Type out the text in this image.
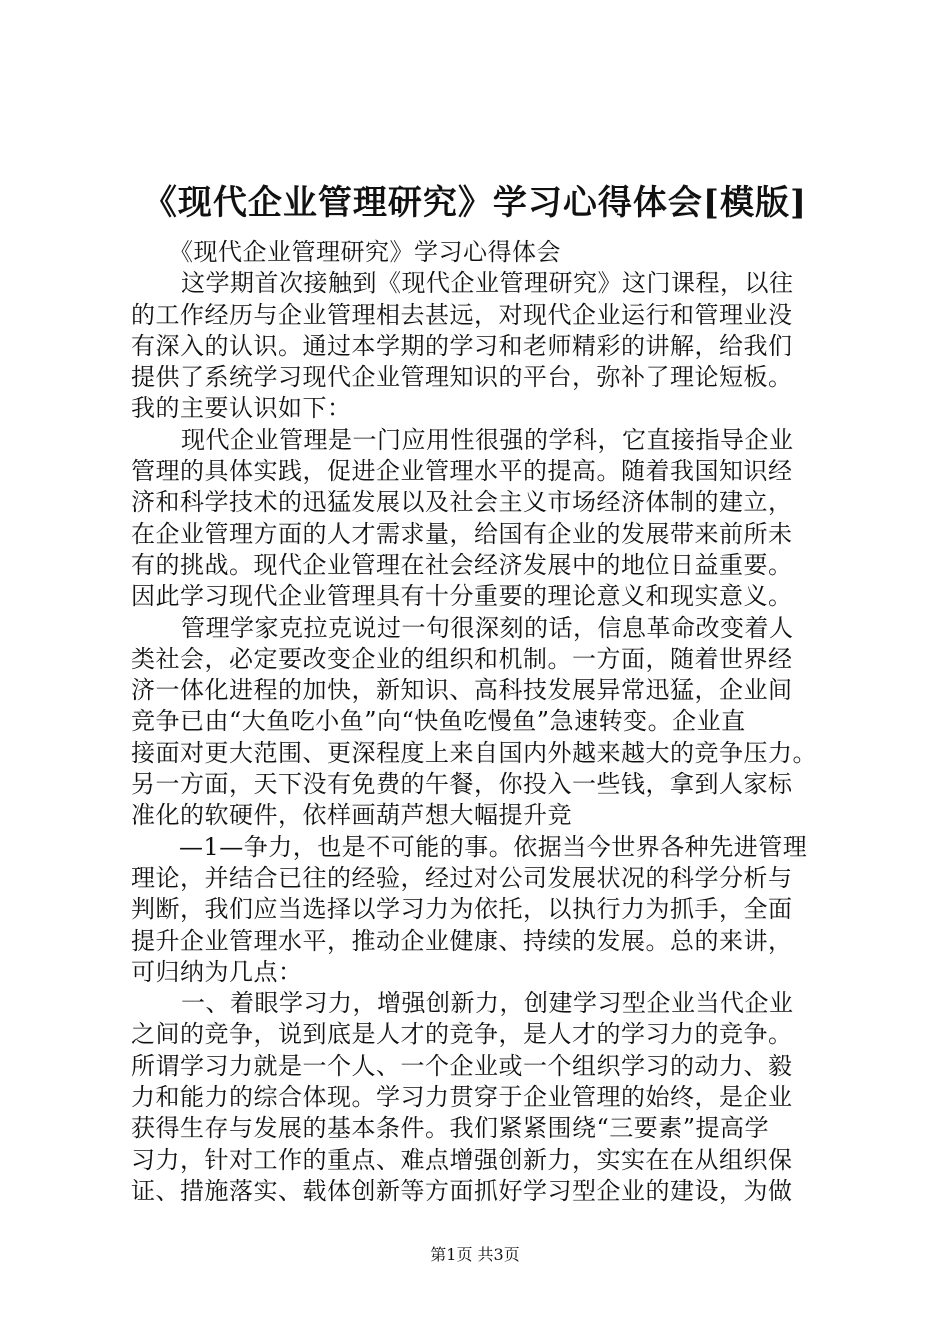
《现代企业管理研究》学习心得体会[模版]
《现代企业管理研究》学习心得体会
这学期首次接触到《现代企业管理研究》这门课程，以往
的工作经历与企业管理相去甚远，对现代企业运行和管理业没
有深入的认识。通过本学期的学习和老师精彩的讲解，给我们
提供了系统学习现代企业管理知识的平台，弥补了理论短板。
我的主要认识如下：
现代企业管理是一门应用性很强的学科，它直接指导企业
管理的具体实践，促进企业管理水平的提高。随着我国知识经
济和科学技术的迅猛发展以及社会主义市场经济体制的建立，
在企业管理方面的人才需求量，给国有企业的发展带来前所未
有的挑战。现代企业管理在社会经济发展中的地位日益重要。
因此学习现代企业管理具有十分重要的理论意义和现实意义。
管理学家克拉克说过一句很深刻的话，信息革命改变着人
类社会，必定要改变企业的组织和机制。一方面，随着世界经
济一体化进程的加快，新知识、高科技发展异常迅猛，企业间
竞争已由“大鱼吃小鱼”向“快鱼吃慢鱼”急速转变。企业直
接面对更大范围、更深程度上来自国内外越来越大的竞争压力。
另一方面，天下没有免费的午餐，你投入一些钱，拿到人家标
准化的软硬件，依样画葫芦想大幅提升竞
—1—争力，也是不可能的事。依据当今世界各种先进管理
理论，并结合已往的经验，经过对公司发展状况的科学分析与
判断，我们应当选择以学习力为依托，以执行力为抓手，全面
提升企业管理水平，推动企业健康、持续的发展。总的来讲，
可归纳为几点：
一、着眼学习力，增强创新力，创建学习型企业当代企业
之间的竞争，说到底是人才的竞争，是人才的学习力的竞争。
所谓学习力就是一个人、一个企业或一个组织学习的动力、毅
力和能力的综合体现。学习力贯穿于企业管理的始终，是企业
获得生存与发展的基本条件。我们紧紧围绕“三要素”提高学
习力，针对工作的重点、难点增强创新力，实实在在从组织保
证、措施落实、载体创新等方面抓好学习型企业的建设，为做
第1页 共3页
